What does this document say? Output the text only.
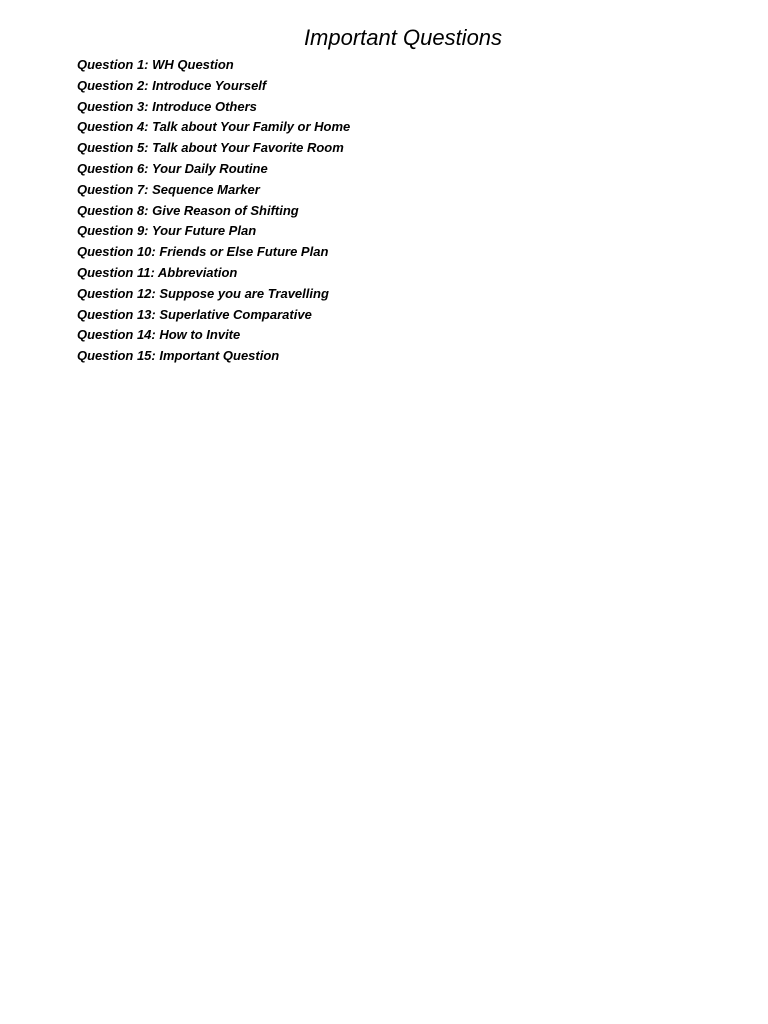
Important Questions
Question 1: WH Question
Question 2: Introduce Yourself
Question 3: Introduce Others
Question 4: Talk about Your Family or Home
Question 5: Talk about Your Favorite Room
Question 6: Your Daily Routine
Question 7: Sequence Marker
Question 8: Give Reason of Shifting
Question 9: Your Future Plan
Question 10: Friends or Else Future Plan
Question 11: Abbreviation
Question 12: Suppose you are Travelling
Question 13: Superlative Comparative
Question 14: How to Invite
Question 15: Important Question
